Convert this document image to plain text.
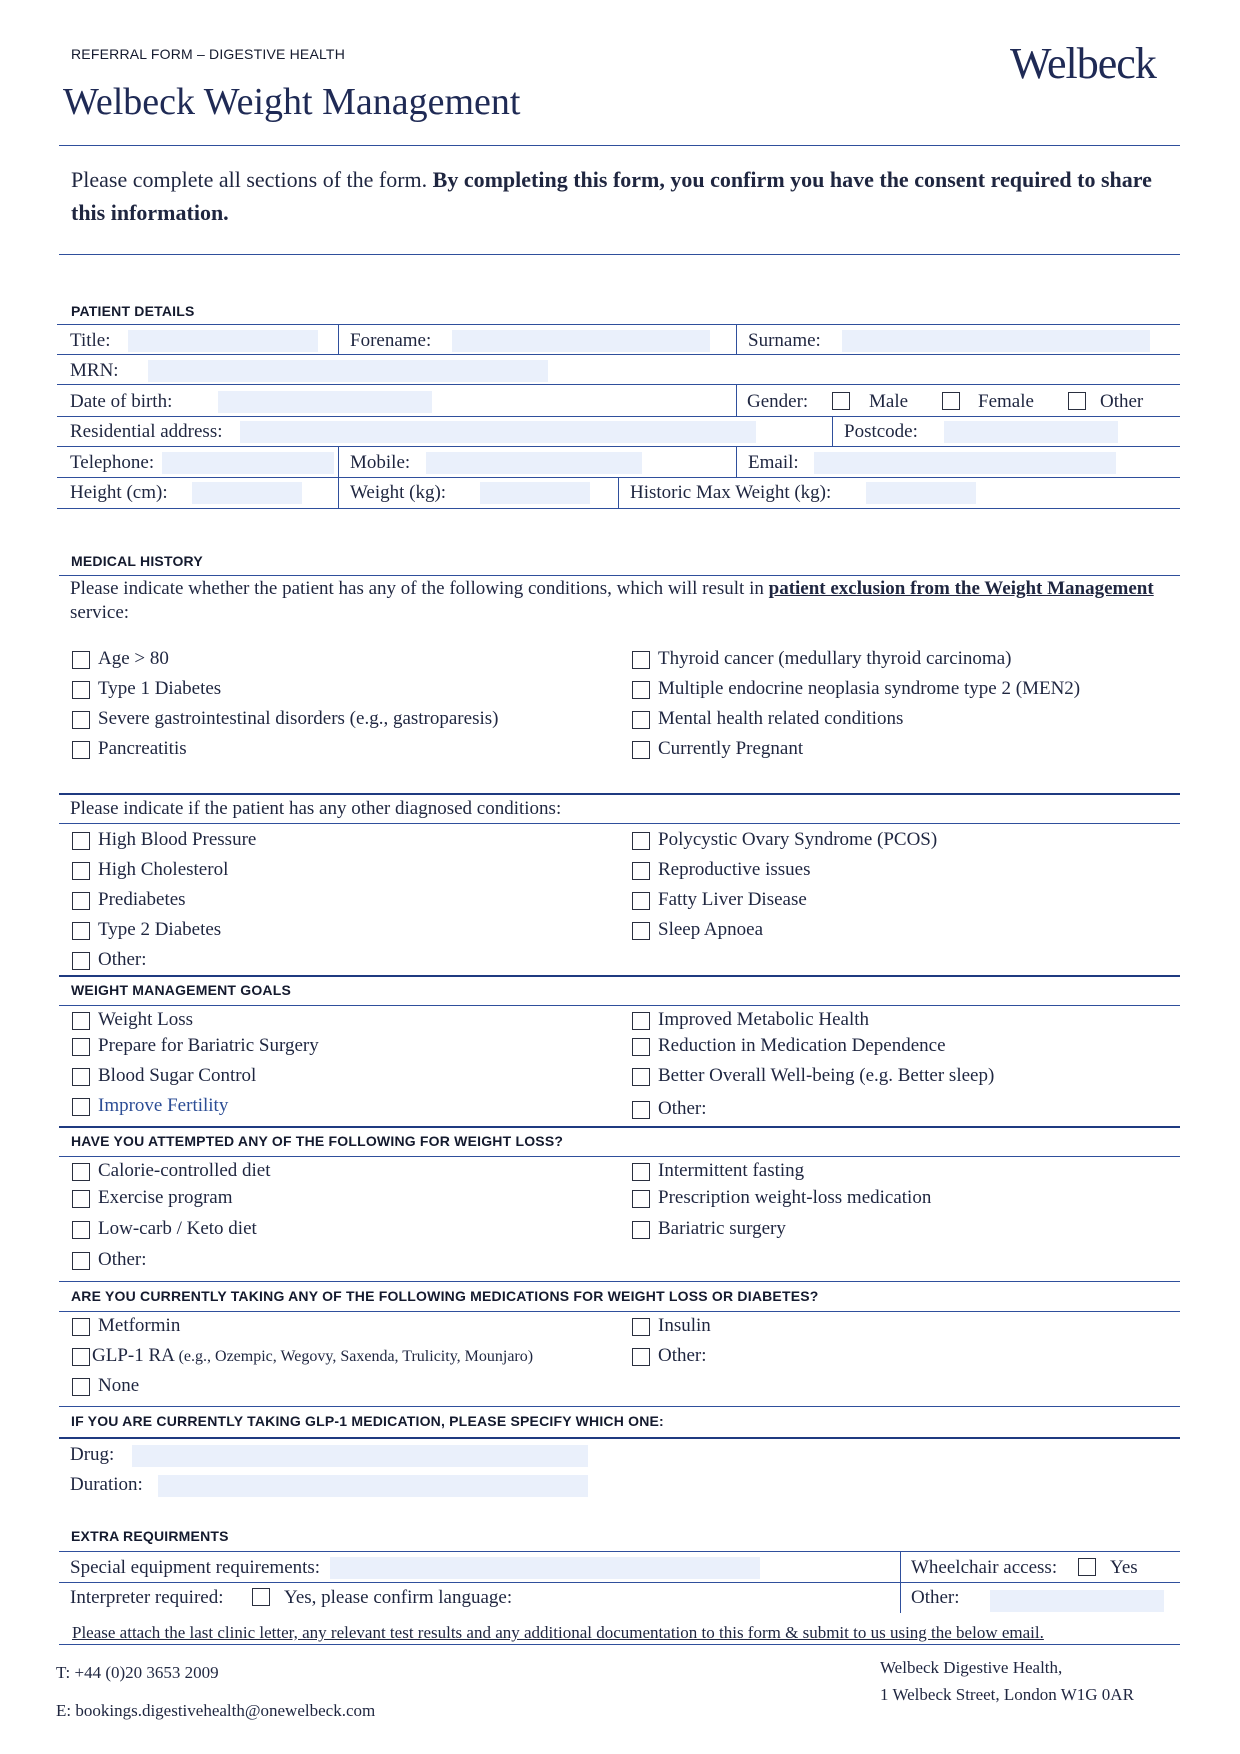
REFERRAL FORM – DIGESTIVE HEALTH
Welbeck Weight Management
Welbeck
Please complete all sections of the form. By completing this form, you confirm you have the consent required to share this information.
PATIENT DETAILS
Title:	Forename:	Surname:
MRN:
Date of birth:	Gender:	Male	Female	Other
Residential address:	Postcode:
Telephone:	Mobile:	Email:
Height (cm):	Weight (kg):	Historic Max Weight (kg):
MEDICAL HISTORY
Please indicate whether the patient has any of the following conditions, which will result in patient exclusion from the Weight Management service:
Age > 80
Type 1 Diabetes
Severe gastrointestinal disorders (e.g., gastroparesis)
Pancreatitis
Thyroid cancer (medullary thyroid carcinoma)
Multiple endocrine neoplasia syndrome type 2 (MEN2)
Mental health related conditions
Currently Pregnant
Please indicate if the patient has any other diagnosed conditions:
High Blood Pressure
High Cholesterol
Prediabetes
Type 2 Diabetes
Other:
Polycystic Ovary Syndrome (PCOS)
Reproductive issues
Fatty Liver Disease
Sleep Apnoea
WEIGHT MANAGEMENT GOALS
Weight Loss
Prepare for Bariatric Surgery
Blood Sugar Control
Improve Fertility
Improved Metabolic Health
Reduction in Medication Dependence
Better Overall Well-being (e.g. Better sleep)
Other:
HAVE YOU ATTEMPTED ANY OF THE FOLLOWING FOR WEIGHT LOSS?
Calorie-controlled diet
Exercise program
Low-carb / Keto diet
Other:
Intermittent fasting
Prescription weight-loss medication
Bariatric surgery
ARE YOU CURRENTLY TAKING ANY OF THE FOLLOWING MEDICATIONS FOR WEIGHT LOSS OR DIABETES?
Metformin
GLP-1 RA (e.g., Ozempic, Wegovy, Saxenda, Trulicity, Mounjaro)
None
Insulin
Other:
IF YOU ARE CURRENTLY TAKING GLP-1 MEDICATION, PLEASE SPECIFY WHICH ONE:
Drug:
Duration:
EXTRA REQUIRMENTS
Special equipment requirements:	Wheelchair access:	Yes
Interpreter required:	Yes, please confirm language:	Other:
Please attach the last clinic letter, any relevant test results and any additional documentation to this form & submit to us using the below email.
T: +44 (0)20 3653 2009
E: bookings.digestivehealth@onewelbeck.com
Welbeck Digestive Health,
1 Welbeck Street, London W1G 0AR
